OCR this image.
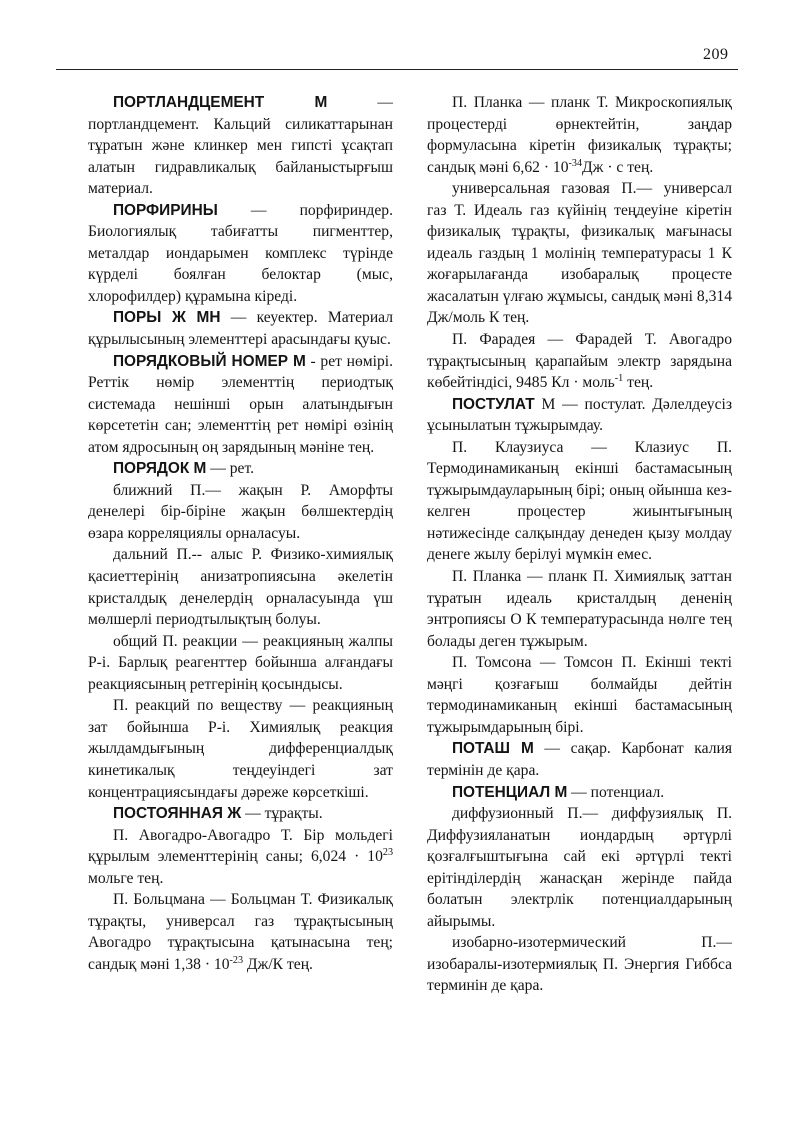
209

ПОРТЛАНДЦЕМЕНТ М — портландцемент. Кальций силикаттарынан тұратын және клинкер мен гипсті ұсақтап алатын гидравликалық байланыстырғыш материал.

ПОРФИРИНЫ — порфириндер. Биологиялық табиғатты пигменттер, металдар иондарымен комплекс түрінде күрделі боялған белоктар (мыс, хлорофилдер) құрамына кіреді.

ПОРЫ Ж МН — кеуектер. Материал құрылысының элементтері арасындағы қуыс.

ПОРЯДКОВЫЙ НОМЕР М - рет нөмірі. Реттік нөмір элементтің периодтық системада нешінші орын алатындығын көрсететін сан; элементтің рет нөмірі өзінің атом ядросының оң зарядының мәніне тең.

ПОРЯДОК М — рет.

ближний П.— жақын Р. Аморфты денелерi бір-біріне жақын бөлшектердің өзара корреляциялы орналасуы.

дальний П.-- алыс Р. Физико-химиялық қасиеттерінің анизатропиясына әкелетін кристалдық денелердің орналасуында үш мөлшерлі периодтылықтың болуы.

общий П. реакции — реакцияның жалпы Р-і. Барлық реагенттер бойынша алғандағы реакциясының ретгерінің қосындысы.

П. реакций по веществу — реакцияның зат бойынша Р-і. Химиялық реакция жылдамдығының дифференциалдық кинетикалық теңдеуіндегі зат концентрациясындағы дәреже көрсеткіші.

ПОСТОЯННАЯ Ж — тұрақты.

П. Авогадро-Авогадро Т. Бір мольдегі құрылым элементтерінің саны; $6,024 \cdot 10^{23}$ мольге тең.

П. Больцмана — Больцман Т. Физикалық тұрақты, универсал газ тұрақтысының Авогадро тұрақтысына қатынасына тең; сандық мәні $1,38 \cdot 10^{-23}$ Дж/К тең.

П. Планка — планк Т. Микроскопиялық процестерді өрнектейтін, заңдар формуласына кіретін физикалық тұрақты; сандық мәні $6,62 \cdot 10^{-34}Дж \cdot с$ тең.

универсальная газовая П.— универсал газ Т. Идеаль газ күйінің теңдеуіне кіретін физикалық тұрақты, физикалық мағынасы идеаль газдың 1 молінің температурасы 1 К жоғарылағанда изобаралық процесте жасалатын үлғаю жұмысы, сандық мәні 8,314 Дж/моль К тең.

П. Фарадея — Фарадей Т. Авогадро тұрақтысының қарапайым электр зарядына көбейтіндісі, 9485 Кл · моль$^{-1}$ тең.

ПОСТУЛАТ М — постулат. Дәлелдеусіз ұсынылатын тұжырымдау.

П. Клаузиуса — Клазиус П. Термодинамиканың екінші бастамасының тұжырымдауларының бірі; оның ойынша кез-келген процестер жиынтығының нәтижесінде салқындау денеден қызу молдау денеге жылу берілуі мүмкін емес.

П. Планка — планк П. Химиялық заттан тұратын идеаль кристалдың дененің энтропиясы О К температурасында нөлге тең болады деген тұжырым.

П. Томсона — Томсон П. Екінші текті мәңгі қозғағыш болмайды дейтін термодинамиканың екінші бастамасының тұжырымдарының бірі.

ПОТАШ М — сақар. Карбонат калия термінін де қара.

ПОТЕНЦИАЛ М — потенциал.

диффузионный П.— диффузиялық П. Диффузияланатын иондардың әртүрлі қозғалғыштығына сай екі әртүрлі текті ерітінділердің жанасқан жерінде пайда болатын электрлік потенциалдарының айырымы.

изобарно-изотермический П.—изобаралы-изотермиялық П. Энергия Гиббса терминін де қара.
